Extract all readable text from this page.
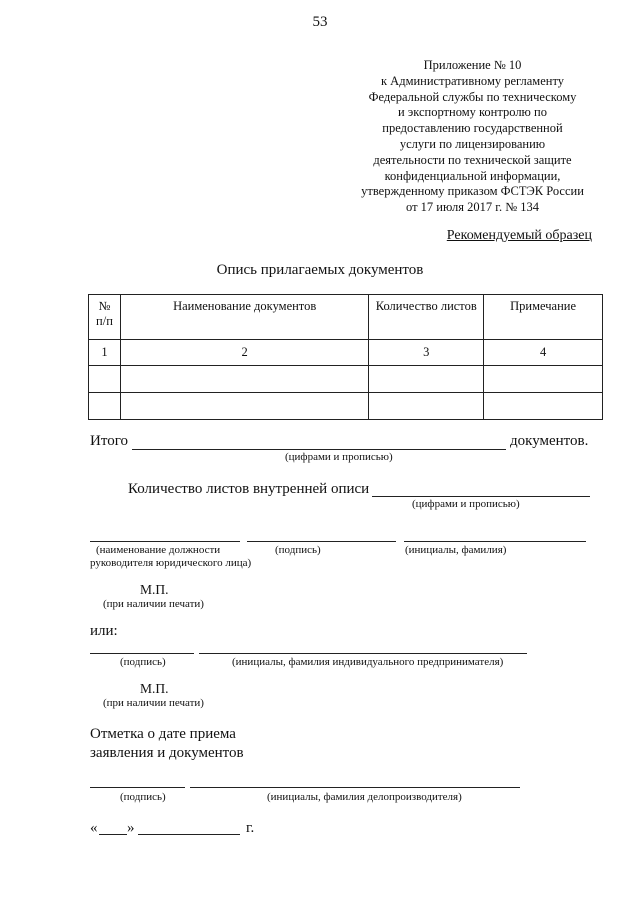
53
Приложение № 10
к Административному регламенту
Федеральной службы по техническому
и экспортному контролю по
предоставлению государственной
услуги по лицензированию
деятельности по технической защите
конфиденциальной информации,
утвержденному приказом ФСТЭК России
от 17 июля 2017 г. № 134
Рекомендуемый образец
Опись прилагаемых документов
№ п/п	Наименование документов	Количество листов	Примечание
1	2	3	4

Итого	документов.
(цифрами и прописью)
Количество листов внутренней описи
(цифрами и прописью)
(наименование должности
руководителя юридического лица)
(подпись)	(инициалы, фамилия)
М.П.
(при наличии печати)
или:
(подпись)	(инициалы, фамилия индивидуального предпринимателя)
М.П.
(при наличии печати)
Отметка о дате приема
заявления и документов
(подпись)	(инициалы, фамилия делопроизводителя)
« »	г.
